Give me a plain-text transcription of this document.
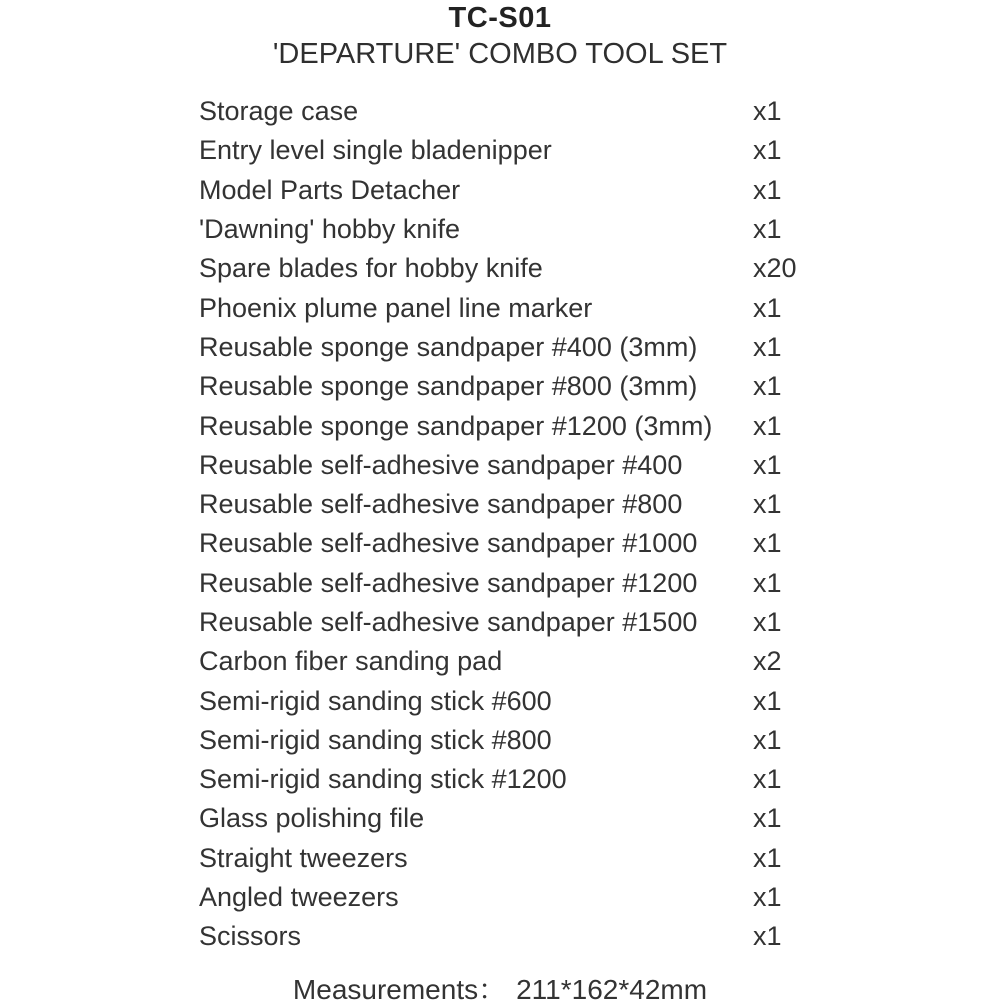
TC-S01
'DEPARTURE' COMBO TOOL SET
Storage case	x1
Entry level single bladenipper	x1
Model Parts Detacher	x1
'Dawning' hobby knife	x1
Spare blades for hobby knife	x20
Phoenix plume panel line marker	x1
Reusable sponge sandpaper #400 (3mm)	x1
Reusable sponge sandpaper #800 (3mm)	x1
Reusable sponge sandpaper #1200 (3mm)	x1
Reusable self-adhesive sandpaper #400	x1
Reusable self-adhesive sandpaper #800	x1
Reusable self-adhesive sandpaper #1000	x1
Reusable self-adhesive sandpaper #1200	x1
Reusable self-adhesive sandpaper #1500	x1
Carbon fiber sanding pad	x2
Semi-rigid sanding stick #600	x1
Semi-rigid sanding stick #800	x1
Semi-rigid sanding stick #1200	x1
Glass polishing file	x1
Straight tweezers	x1
Angled tweezers	x1
Scissors	x1
Measurements： 211*162*42mm
